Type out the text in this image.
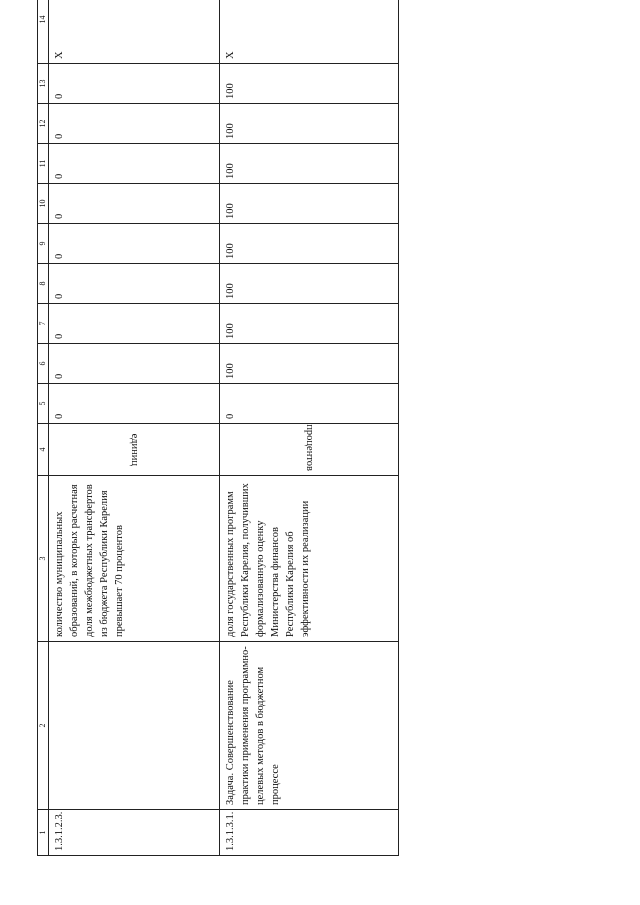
1	2	3	4	5	6	7	8	9	10	11	12	13	14
1.3.1.2.3.		количество муниципальных образований, в которых расчетная доля межбюджетных трансфертов из бюджета Республики Карелия превышает 70 процентов	единиц	0	0	0	0	0	0	0	0	0	X
1.3.1.3.1.	Задача. Совершенствование практики применения программно-целевых методов в бюджетном процессе	доля государственных программ Республики Карелия, получивших формализованную оценку Министерства финансов Республики Карелия об эффективности их реализации	процентов	0	100	100	100	100	100	100	100	100	X
